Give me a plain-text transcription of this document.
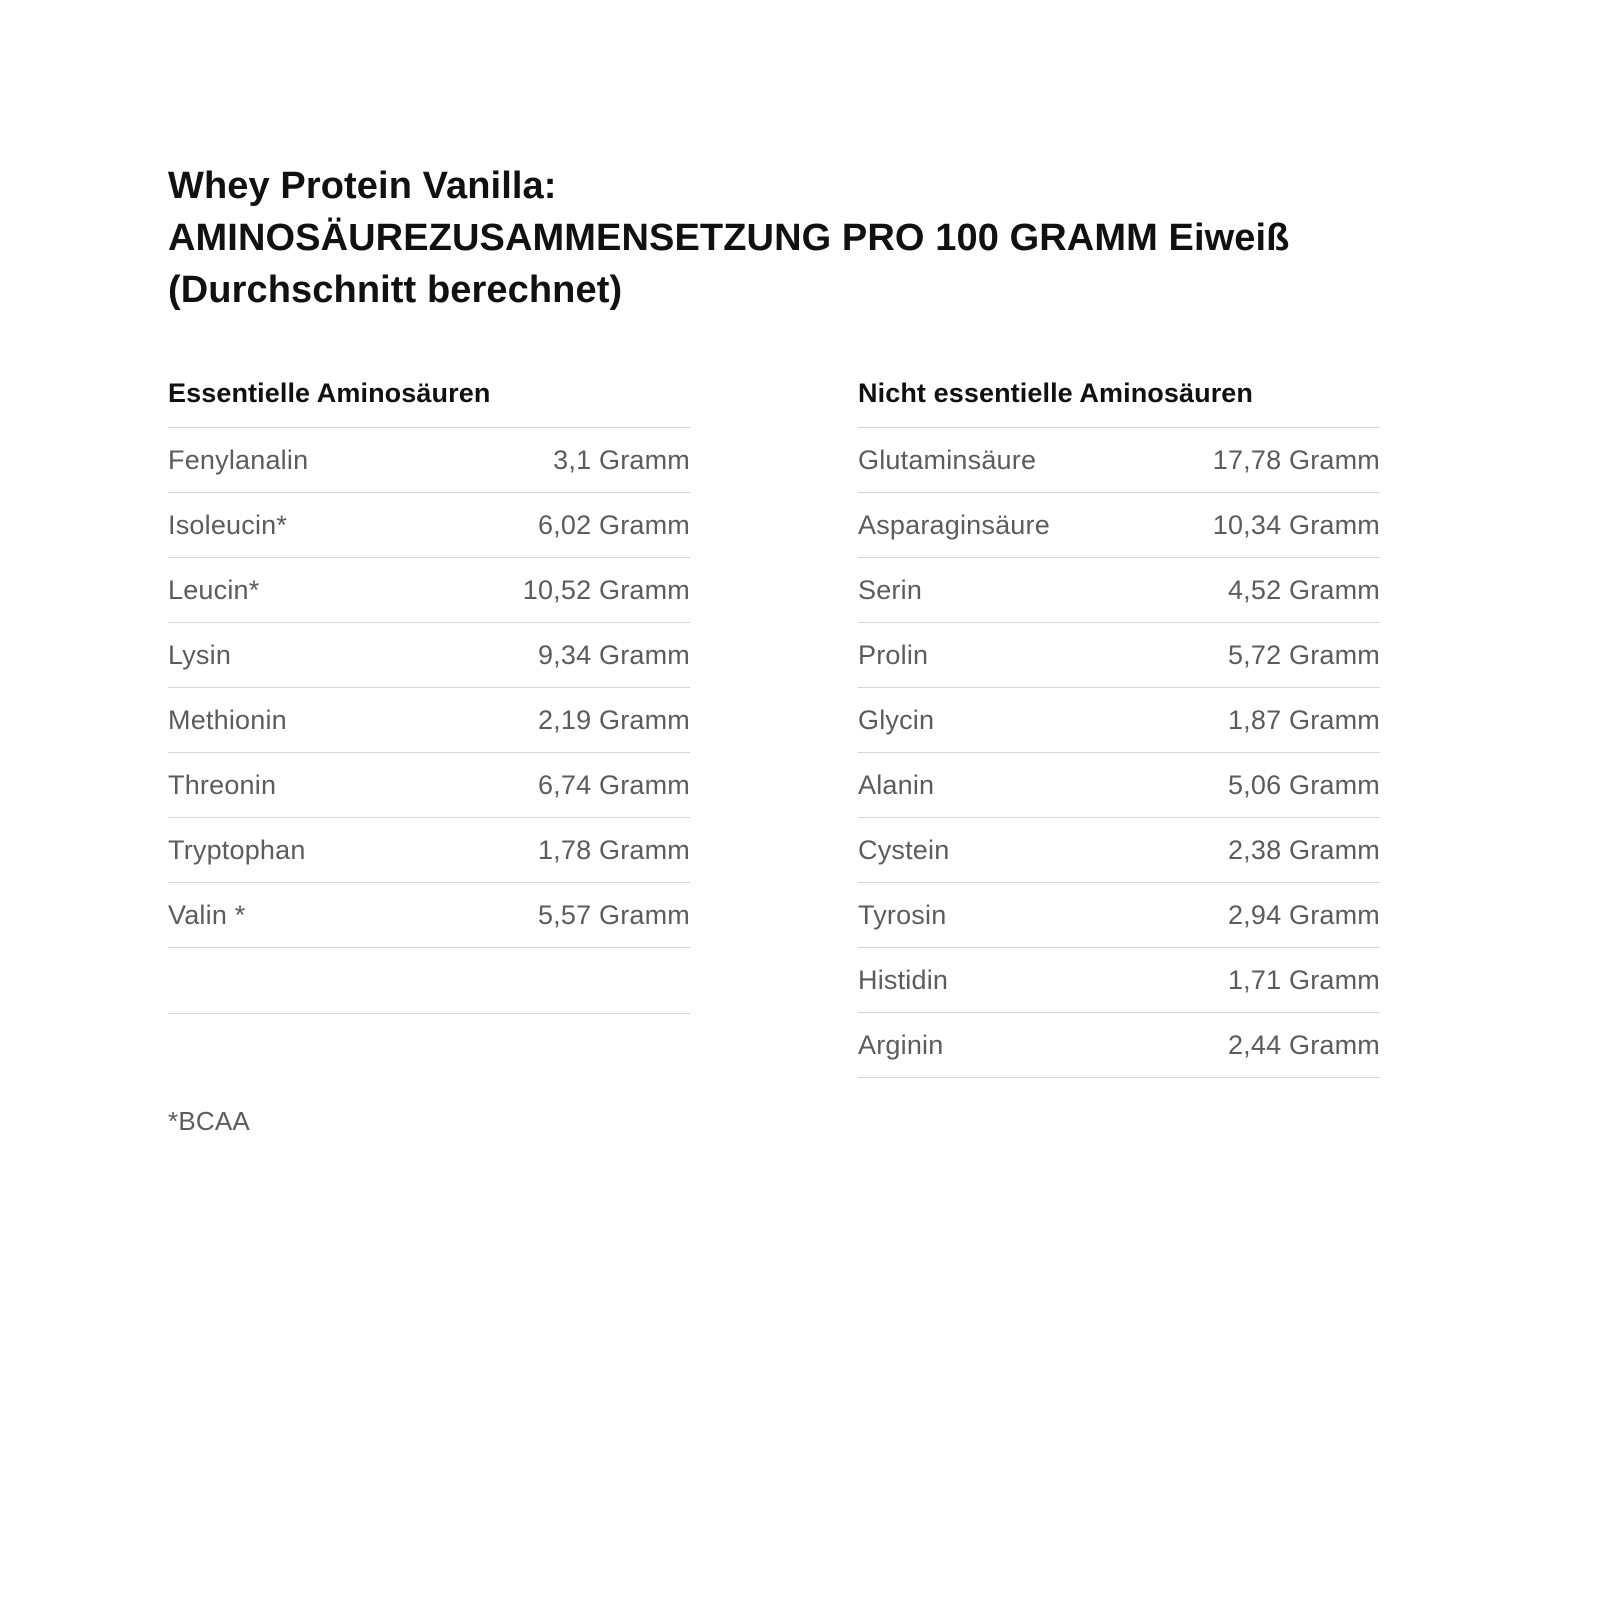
Whey Protein Vanilla:
AMINOSÄUREZUSAMMENSETZUNG PRO 100 GRAMM Eiweiß
(Durchschnitt berechnet)
Essentielle Aminosäuren
Fenylanalin	3,1 Gramm
Isoleucin*	6,02 Gramm
Leucin*	10,52 Gramm
Lysin	9,34 Gramm
Methionin	2,19 Gramm
Threonin	6,74 Gramm
Tryptophan	1,78 Gramm
Valin *	5,57 Gramm
Nicht essentielle Aminosäuren
Glutaminsäure	17,78 Gramm
Asparaginsäure	10,34 Gramm
Serin	4,52 Gramm
Prolin	5,72 Gramm
Glycin	1,87 Gramm
Alanin	5,06 Gramm
Cystein	2,38 Gramm
Tyrosin	2,94 Gramm
Histidin	1,71 Gramm
Arginin	2,44 Gramm
*BCAA
